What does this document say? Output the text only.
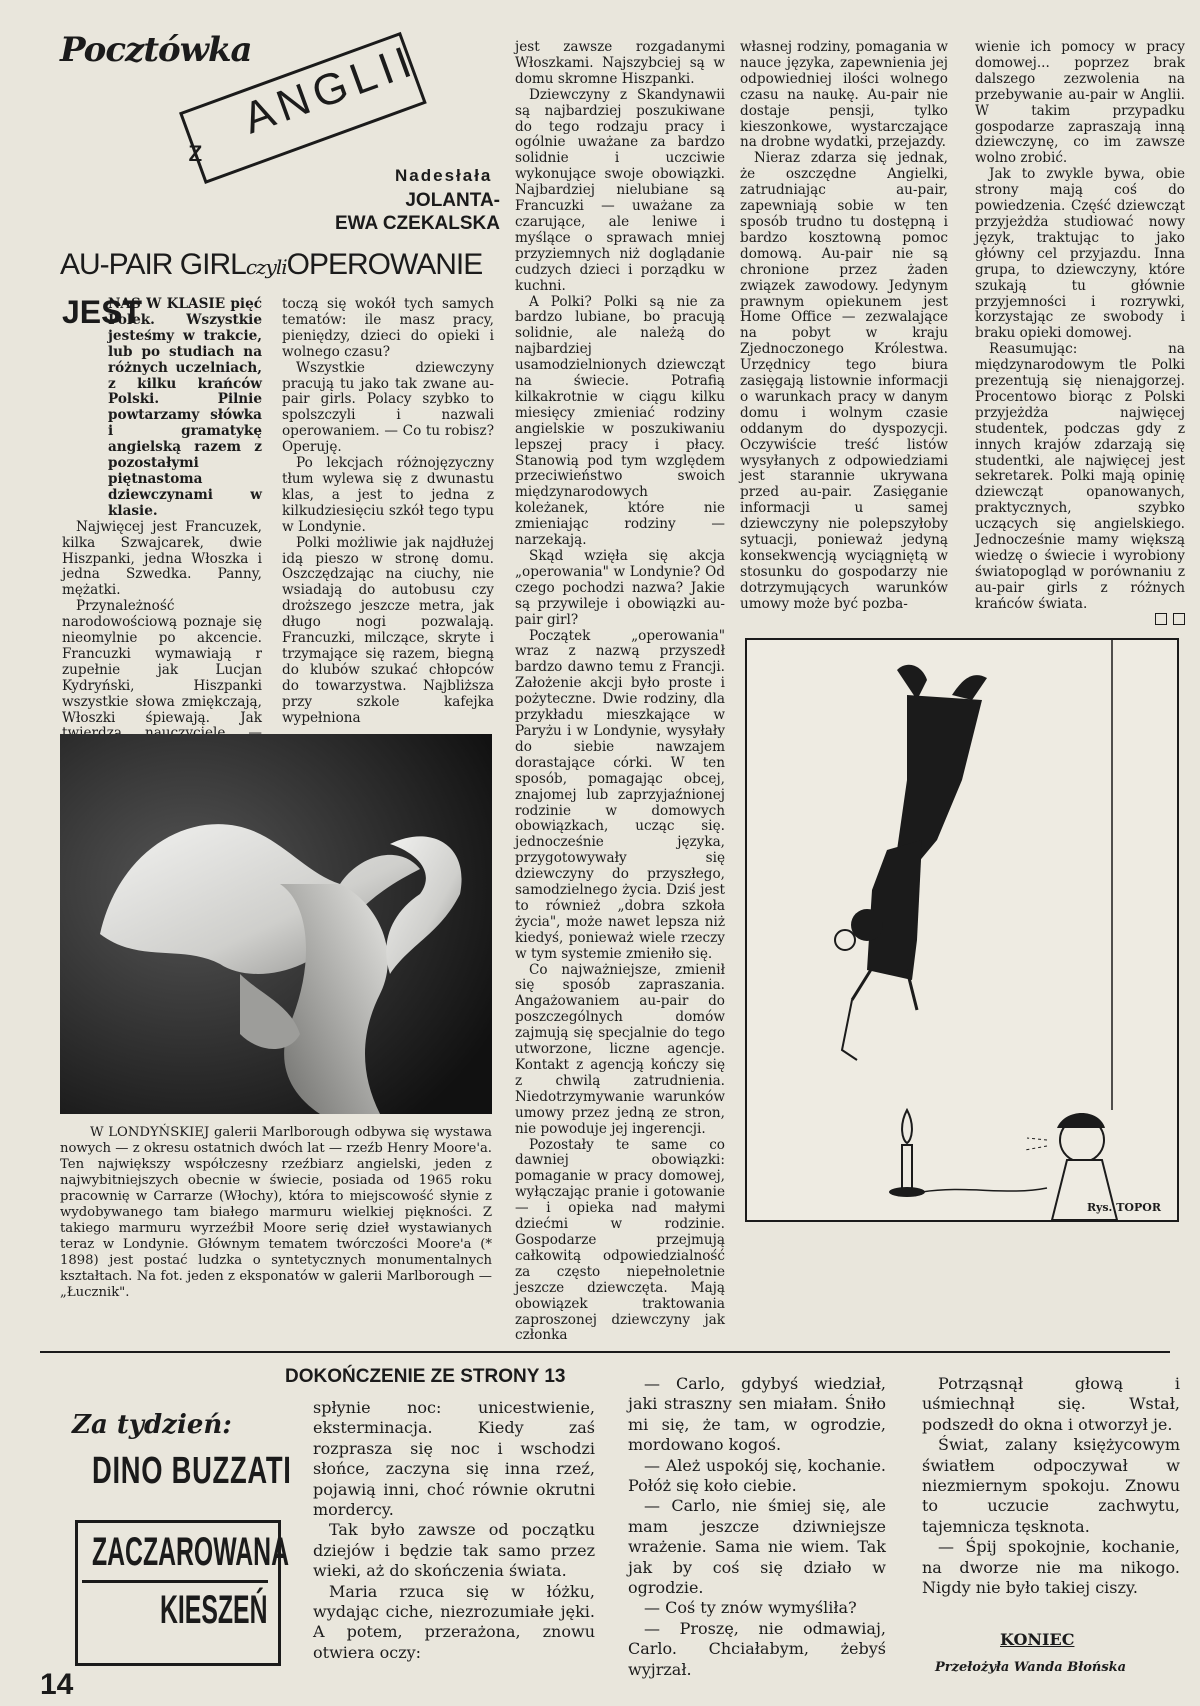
Pocztówka
z
ANGLII
Nadesłała
JOLANTA-
EWA CZEKALSKA
AU-PAIR GIRLczyliOPEROWANIE
JEST

NAS W KLASIE pięć Polek. Wszystkie jesteśmy w trakcie, lub po studiach na różnych uczelniach, z kilku krańców Polski. Pilnie powtarzamy słówka i gramatykę angielską razem z pozostałymi piętnastoma dziewczynami w klasie.

Najwięcej jest Francuzek, kilka Szwajcarek, dwie Hiszpanki, jedna Włoszka i jedna Szwedka. Panny, mężatki.

Przynależność narodowościową poznaje się nieomylnie po akcencie. Francuzki wymawiają r zupełnie jak Lucjan Kydryński, Hiszpanki wszystkie słowa zmiękczają, Włoszki śpiewają. Jak

toczą się wokół tych samych tematów: ile masz pracy, pieniędzy, dzieci do opieki i wolnego czasu?

Wszystkie dziewczyny pracują tu jako tak zwane au-pair girls. Polacy szybko to spolszczyli i nazwali operowaniem. — Co tu robisz? Operuję.

Po lekcjach różnojęzyczny tłum wylewa się z dwunastu klas, a jest to jedna z kilkudziesięciu szkół tego typu w Londynie.

Polki możliwie jak najdłużej idą pieszo w stronę domu. Oszczędzając na ciuchy, nie wsiadają do autobusu czy droższego jeszcze metra, jak długo nogi pozwalają. Francuzki, milczące, skryte i trzymające się razem, biegną do klubów szukać chłopców do towarzystwa. Najbliższa przy szkole kafejka wypełniona

jest zawsze rozgadanymi Włoszkami. Najszybciej są w domu skromne Hiszpanki.

Dziewczyny z Skandynawii są najbardziej poszukiwane do tego rodzaju pracy i ogólnie uważane za bardzo solidnie i uczciwie wykonujące swoje obowiązki. Najbardziej nielubiane są Francuzki — uważane za czarujące, ale leniwe i myślące o sprawach mniej przyziemnych niż doglądanie cudzych dzieci i porządku w kuchni.

A Polki? Polki są nie za bardzo lubiane, bo pracują solidnie, ale należą do najbardziej usamodzielnionych dziewcząt na świecie. Potrafią kilkakrotnie w ciągu kilku miesięcy zmieniać rodziny angielskie w poszukiwaniu lepszej pracy i płacy. Stanowią pod tym względem przeciwieństwo swoich międzynarodowych koleżanek, które nie zmieniając rodziny — narzekają.

Skąd wzięła się akcja „operowania" w Londynie? Od czego pochodzi nazwa? Jakie są przywileje i obowiązki au-pair girl?

Początek „operowania" wraz z nazwą przyszedł bardzo dawno temu z Francji. Założenie akcji było proste i pożyteczne. Dwie rodziny, dla przykładu mieszkające w Paryżu i w Londynie, wysyłały do siebie nawzajem dorastające córki. W ten sposób, pomagając obcej, znajomej lub zaprzyjaźnionej rodzinie w domowych obowiązkach, ucząc się. jednocześnie języka, przygotowywały się dziewczyny do przyszłego, samodzielnego życia. Dziś jest to również „dobra szkoła życia", może nawet lepsza niż kiedyś, ponieważ wiele rzeczy w tym systemie zmieniło się.

Co najważniejsze, zmienił się sposób zapraszania. Angażowaniem au-pair do poszczególnych domów zajmują się specjalnie do tego utworzone, liczne agencje. Kontakt z agencją kończy się z chwilą zatrudnienia. Niedotrzymywanie warunków umowy przez jedną ze stron, nie powoduje jej ingerencji.

Pozostały te same co dawniej obowiązki: pomaganie w pracy domowej, wyłączając pranie i gotowanie — i opieka nad małymi dziećmi w rodzinie. Gospodarze przejmują całkowitą odpowiedzialność za często niepełnoletnie jeszcze dziewczęta. Mają obowiązek traktowania zaproszonej dziewczyny jak członka

własnej rodziny, pomagania w nauce języka, zapewnienia jej odpowiedniej ilości wolnego czasu na naukę. Au-pair nie dostaje pensji, tylko kieszonkowe, wystarczające na drobne wydatki, przejazdy.

Nieraz zdarza się jednak, że oszczędne Angielki, zatrudniając au-pair, zapewniają sobie w ten sposób trudno tu dostępną i bardzo kosztowną pomoc domową. Au-pair nie są chronione przez żaden związek zawodowy. Jedynym prawnym opiekunem jest Home Office — zezwalające na pobyt w kraju Zjednoczonego Królestwa. Urzędnicy tego biura zasięgają listownie informacji o warunkach pracy w danym domu i wolnym czasie oddanym do dyspozycji. Oczywiście treść listów wysyłanych z odpowiedziami jest starannie ukrywana przed au-pair. Zasięganie informacji u samej dziewczyny nie polepszyłoby sytuacji, ponieważ jedyną konsekwencją wyciągniętą w stosunku do gospodarzy nie dotrzymujących warunków umowy może być pozba-

wienie ich pomocy w pracy domowej... poprzez brak dalszego zezwolenia na przebywanie au-pair w Anglii. W takim przypadku gospodarze zapraszają inną dziewczynę, co im zawsze wolno zrobić.

Jak to zwykle bywa, obie strony mają coś do powiedzenia. Część dziewcząt przyjeżdża studiować nowy język, traktując to jako główny cel przyjazdu. Inna grupa, to dziewczyny, które szukają tu głównie przyjemności i rozrywki, korzystając ze swobody i braku opieki domowej.

Reasumując: na międzynarodowym tle Polki prezentują się nienajgorzej. Procentowo biorąc z Polski przyjeżdża najwięcej studentek, podczas gdy z innych krajów zdarzają się studentki, ale najwięcej jest sekretarek. Polki mają opinię dziewcząt opanowanych, praktycznych, szybko uczących się angielskiego. Jednocześnie mamy większą wiedzę o świecie i wyrobiony światopogląd w porównaniu z au-pair girls z różnych krańców świata.

W LONDYŃSKIEJ galerii Marlborough odbywa się wystawa nowych — z okresu ostatnich dwóch lat — rzeźb Henry Moore'a. Ten największy współczesny rzeźbiarz angielski, jeden z najwybitniejszych obecnie w świecie, posiada od 1965 roku pracownię w Carrarze (Włochy), która to miejscowość słynie z wydobywanego tam białego marmuru wielkiej piękności. Z takiego marmuru wyrzeźbił Moore serię dzieł wystawianych teraz w Londynie. Głównym tematem twórczości Moore'a (* 1898) jest postać ludzka o syntetycznych monumentalnych kształtach. Na fot. jeden z eksponatów w galerii Marlborough — „Łucznik".

Rys. TOPOR
Za tydzień:
DINO BUZZATI
ZACZAROWANA
KIESZEŃ
DOKOŃCZENIE ZE STRONY 13

spłynie noc: unicestwienie, eksterminacja. Kiedy zaś rozprasza się noc i wschodzi słońce, zaczyna się inna rzeź, pojawią inni, choć równie okrutni mordercy.

Tak było zawsze od początku dziejów i będzie tak samo przez wieki, aż do skończenia świata.

Maria rzuca się w łóżku, wydając ciche, niezrozumiałe jęki. A potem, przerażona, znowu otwiera oczy:

— Carlo, gdybyś wiedział, jaki straszny sen miałam. Śniło mi się, że tam, w ogrodzie, mordowano kogoś.

— Ależ uspokój się, kochanie. Połóż się koło ciebie.

— Carlo, nie śmiej się, ale mam jeszcze dziwniejsze wrażenie. Sama nie wiem. Tak jak by coś się działo w ogrodzie.

— Coś ty znów wymyśliła?

— Proszę, nie odmawiaj, Carlo. Chciałabym, żebyś wyjrzał.

Potrząsnął głową i uśmiechnął się. Wstał, podszedł do okna i otworzył je.

Świat, zalany księżycowym światłem odpoczywał w niezmiernym spokoju. Znowu to uczucie zachwytu, tajemnicza tęsknota.

— Śpij spokojnie, kochanie, na dworze nie ma nikogo. Nigdy nie było takiej ciszy.

KONIEC
Przełożyła Wanda Błońska
14
